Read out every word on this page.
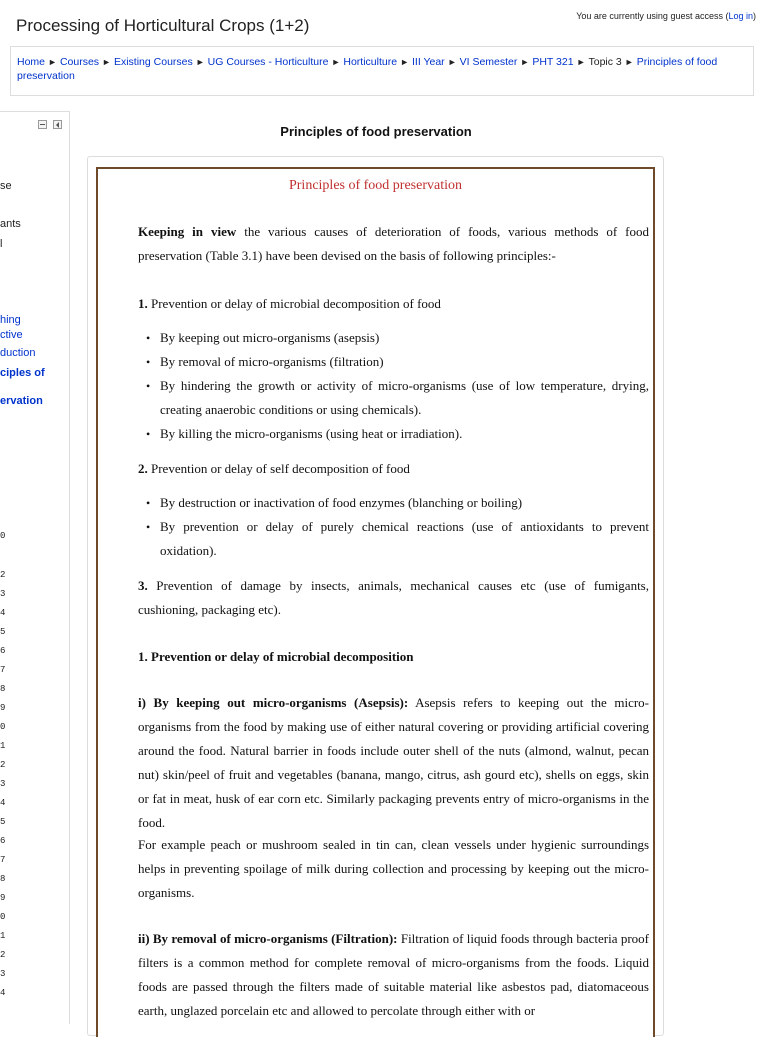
Processing of Horticultural Crops (1+2)	You are currently using guest access (Log in)
Home ► Courses ► Existing Courses ► UG Courses - Horticulture ► Horticulture ► III Year ► VI Semester ► PHT 321 ► Topic 3 ► Principles of food preservation
se
ants
l
hing
ctive
duction
ciples of
ervation
0
2
3
4
5
6
7
8
9
0
1
2
3
4
5
6
7
8
9
0
1
2
3
4
Principles of food preservation
Principles of food preservation
Keeping in view the various causes of deterioration of foods, various methods of food preservation (Table 3.1) have been devised on the basis of following principles:-
1. Prevention or delay of microbial decomposition of food
• By keeping out micro-organisms (asepsis)
• By removal of micro-organisms (filtration)
• By hindering the growth or activity of micro-organisms (use of low temperature, drying, creating anaerobic conditions or using chemicals).
• By killing the micro-organisms (using heat or irradiation).
2. Prevention or delay of self decomposition of food
• By destruction or inactivation of food enzymes (blanching or boiling)
• By prevention or delay of purely chemical reactions (use of antioxidants to prevent oxidation).
3. Prevention of damage by insects, animals, mechanical causes etc (use of fumigants, cushioning, packaging etc).
1. Prevention or delay of microbial decomposition
i) By keeping out micro-organisms (Asepsis): Asepsis refers to keeping out the micro-organisms from the food by making use of either natural covering or providing artificial covering around the food. Natural barrier in foods include outer shell of the nuts (almond, walnut, pecan nut) skin/peel of fruit and vegetables (banana, mango, citrus, ash gourd etc), shells on eggs, skin or fat in meat, husk of ear corn etc. Similarly packaging prevents entry of micro-organisms in the food.
For example peach or mushroom sealed in tin can, clean vessels under hygienic surroundings helps in preventing spoilage of milk during collection and processing by keeping out the micro-organisms.
ii) By removal of micro-organisms (Filtration): Filtration of liquid foods through bacteria proof filters is a common method for complete removal of micro-organisms from the foods. Liquid foods are passed through the filters made of suitable material like asbestos pad, diatomaceous earth, unglazed porcelain etc and allowed to percolate through either with or
